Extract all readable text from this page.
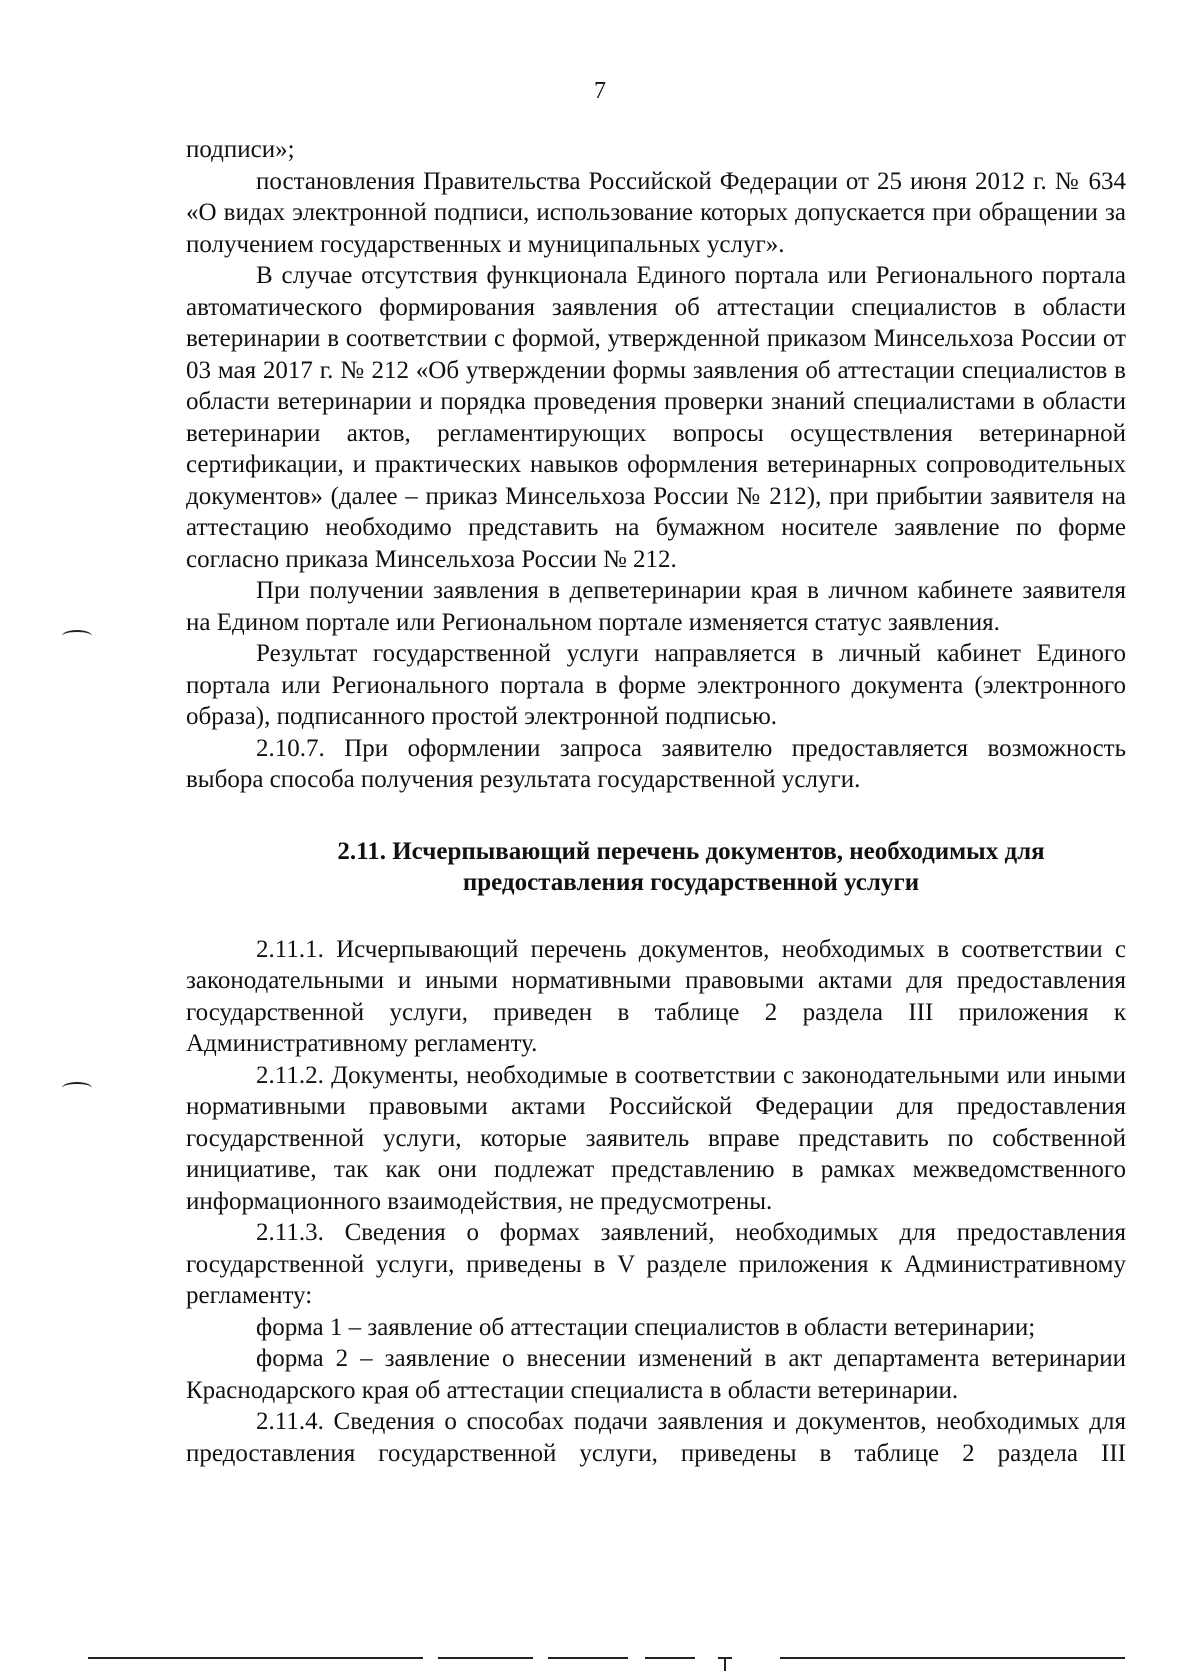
7

подписи»;

постановления Правительства Российской Федерации от 25 июня 2012 г. № 634 «О видах электронной подписи, использование которых допускается при обращении за получением государственных и муниципальных услуг».

В случае отсутствия функционала Единого портала или Регионального портала автоматического формирования заявления об аттестации специалистов в области ветеринарии в соответствии с формой, утвержденной приказом Минсельхоза России от 03 мая 2017 г. № 212 «Об утверждении формы заявления об аттестации специалистов в области ветеринарии и порядка проведения проверки знаний специалистами в области ветеринарии актов, регламентирующих вопросы осуществления ветеринарной сертификации, и практических навыков оформления ветеринарных сопроводительных документов» (далее – приказ Минсельхоза России № 212), при прибытии заявителя на аттестацию необходимо представить на бумажном носителе заявление по форме согласно приказа Минсельхоза России № 212.

При получении заявления в депветеринарии края в личном кабинете заявителя на Едином портале или Региональном портале изменяется статус заявления.

Результат государственной услуги направляется в личный кабинет Единого портала или Регионального портала в форме электронного документа (электронного образа), подписанного простой электронной подписью.

2.10.7. При оформлении запроса заявителю предоставляется возможность выбора способа получения результата государственной услуги.

2.11. Исчерпывающий перечень документов, необходимых для
предоставления государственной услуги

2.11.1. Исчерпывающий перечень документов, необходимых в соответствии с законодательными и иными нормативными правовыми актами для предоставления государственной услуги, приведен в таблице 2 раздела III приложения к Административному регламенту.

2.11.2. Документы, необходимые в соответствии с законодательными или иными нормативными правовыми актами Российской Федерации для предоставления государственной услуги, которые заявитель вправе представить по собственной инициативе, так как они подлежат представлению в рамках межведомственного информационного взаимодействия, не предусмотрены.

2.11.3. Сведения о формах заявлений, необходимых для предоставления государственной услуги, приведены в V разделе приложения к Административному регламенту:

форма 1 – заявление об аттестации специалистов в области ветеринарии;

форма 2 – заявление о внесении изменений в акт департамента ветеринарии Краснодарского края об аттестации специалиста в области ветеринарии.

2.11.4. Сведения о способах подачи заявления и документов, необходимых для предоставления государственной услуги, приведены в таблице 2 раздела III
